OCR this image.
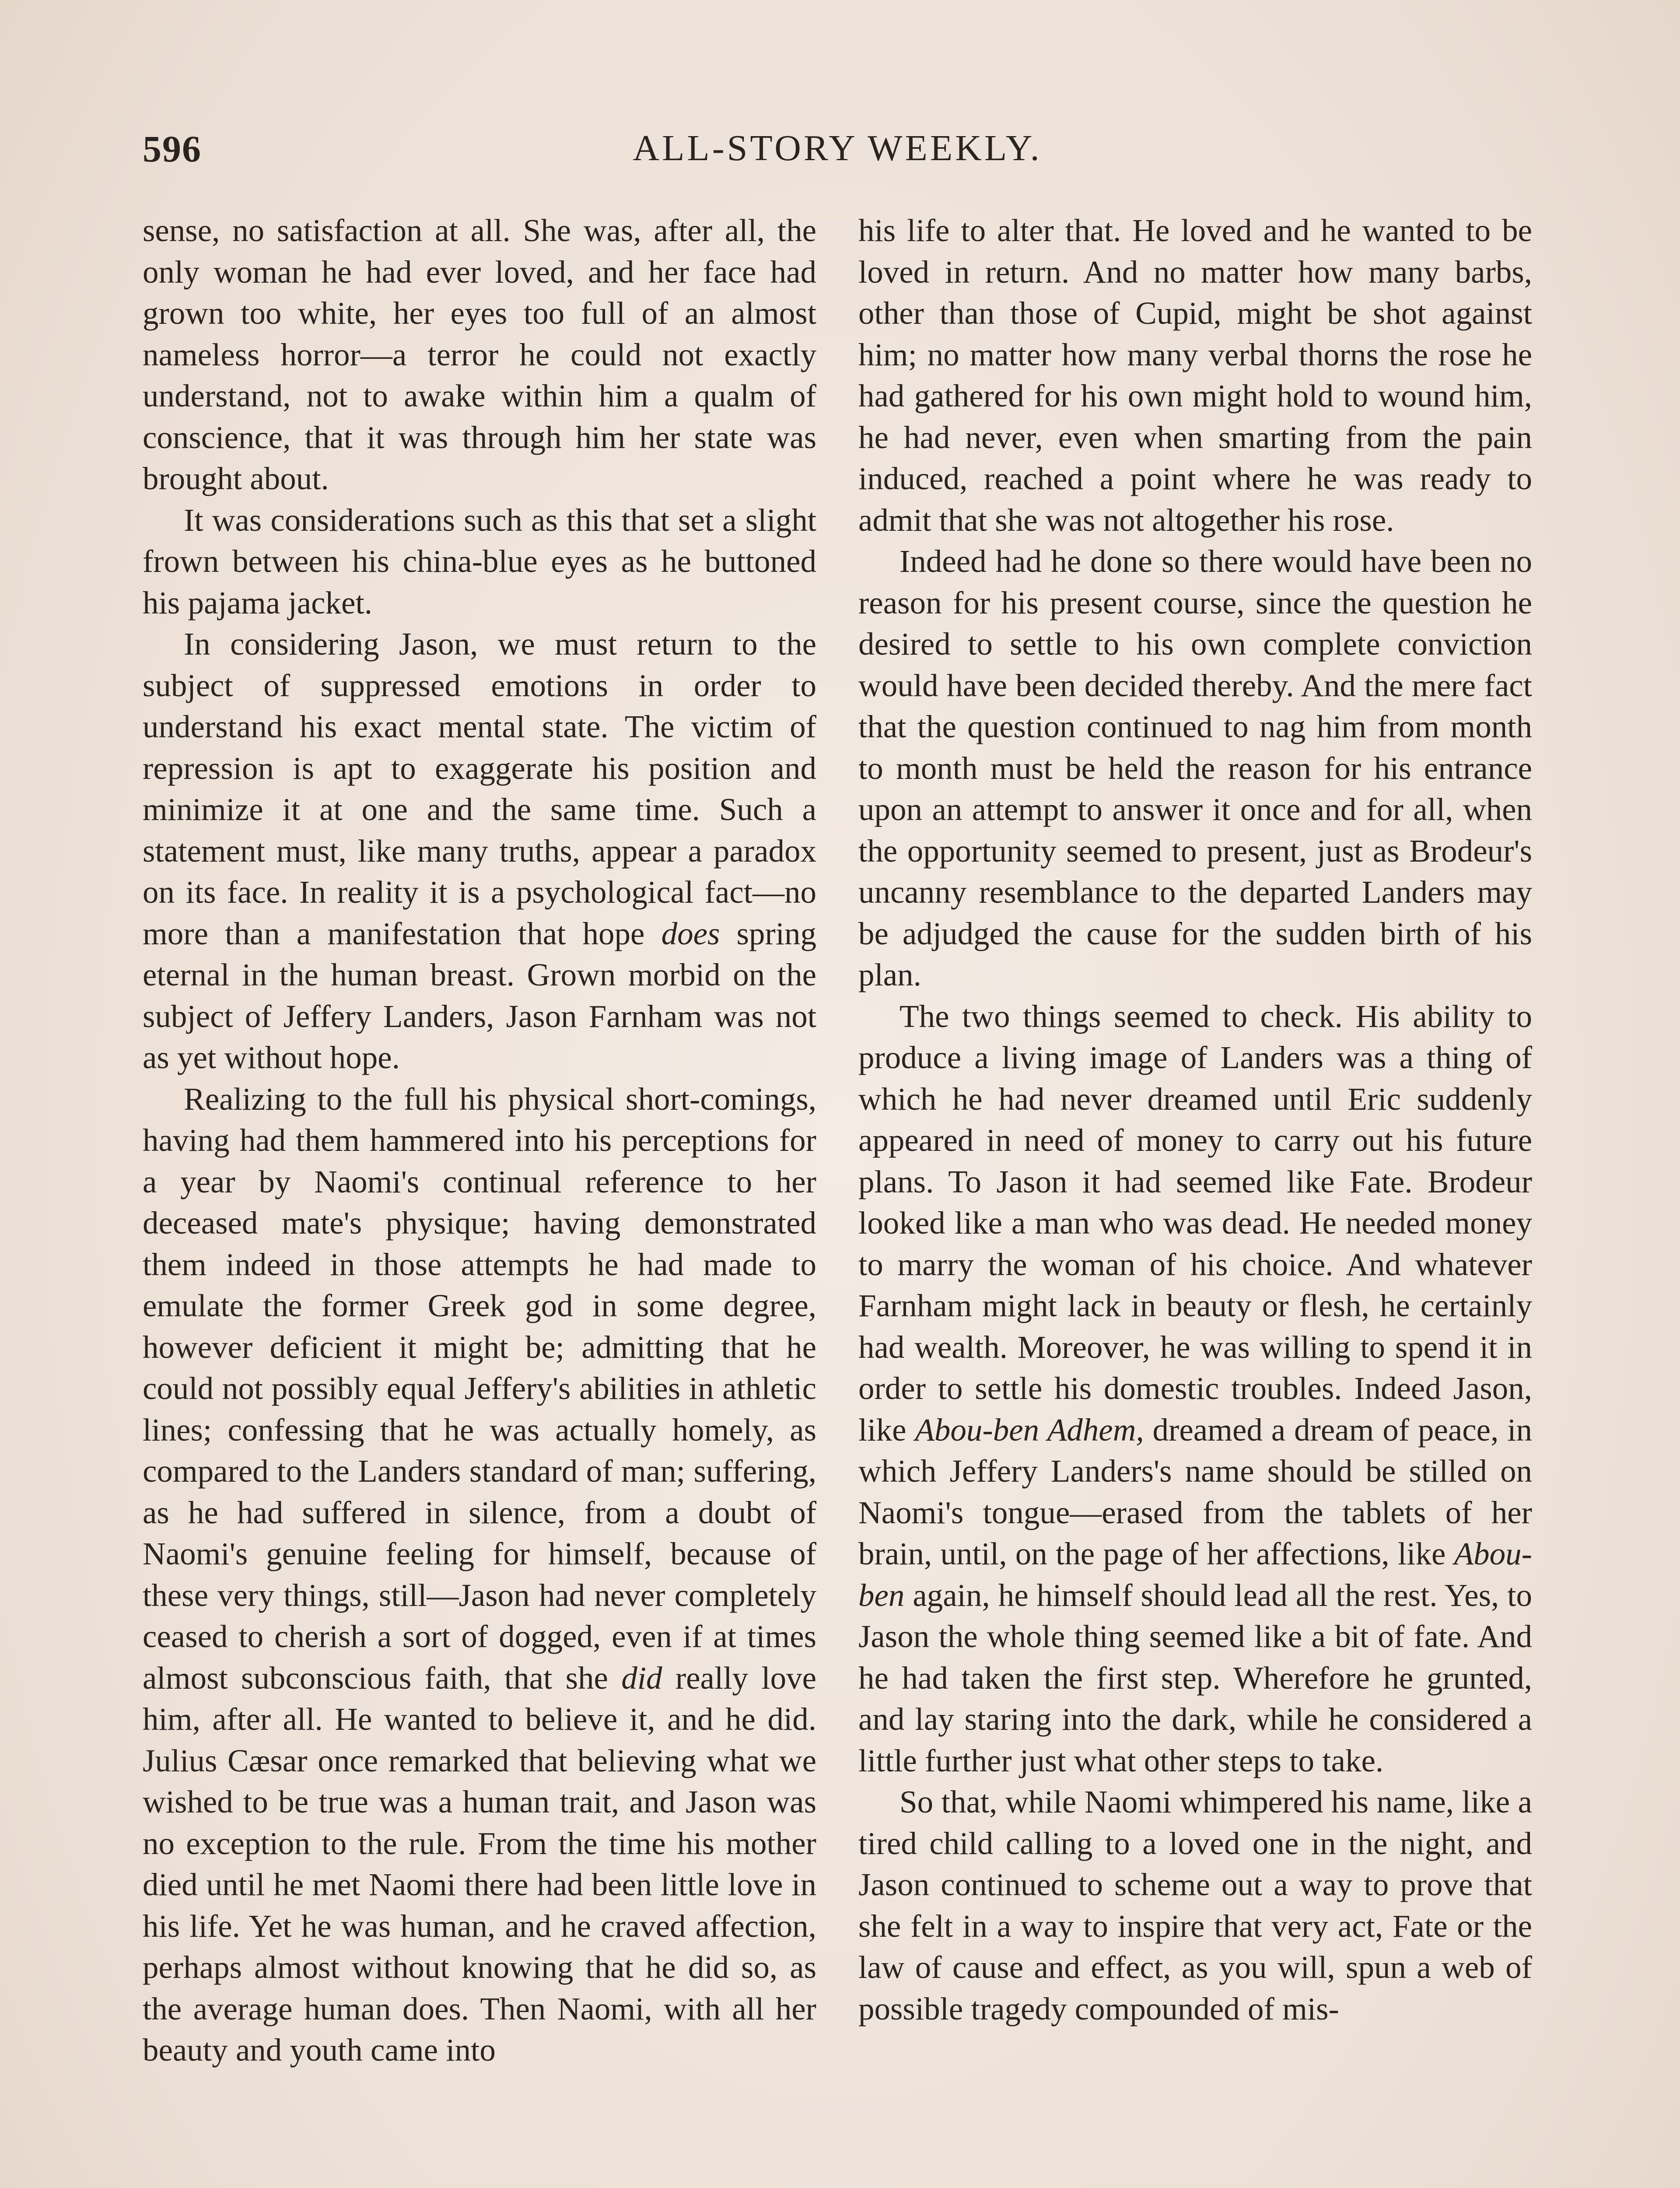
596	ALL-STORY WEEKLY.

sense, no satisfaction at all. She was, after all, the only woman he had ever loved, and her face had grown too white, her eyes too full of an almost nameless horror—a terror he could not exactly understand, not to awake within him a qualm of conscience, that it was through him her state was brought about.

It was considerations such as this that set a slight frown between his china-blue eyes as he buttoned his pajama jacket.

In considering Jason, we must return to the subject of suppressed emotions in order to understand his exact mental state. The victim of repression is apt to exaggerate his position and minimize it at one and the same time. Such a statement must, like many truths, appear a paradox on its face. In reality it is a psychological fact—no more than a manifestation that hope does spring eternal in the human breast. Grown morbid on the subject of Jeffery Landers, Jason Farnham was not as yet without hope.

Realizing to the full his physical short-comings, having had them hammered into his perceptions for a year by Naomi's continual reference to her deceased mate's physique; having demonstrated them indeed in those attempts he had made to emulate the former Greek god in some degree, however deficient it might be; admitting that he could not possibly equal Jeffery's abilities in athletic lines; confessing that he was actually homely, as compared to the Landers standard of man; suffering, as he had suffered in silence, from a doubt of Naomi's genuine feeling for himself, because of these very things, still—Jason had never completely ceased to cherish a sort of dogged, even if at times almost subconscious faith, that she did really love him, after all. He wanted to believe it, and he did. Julius Cæsar once remarked that believing what we wished to be true was a human trait, and Jason was no exception to the rule. From the time his mother died until he met Naomi there had been little love in his life. Yet he was human, and he craved affection, perhaps almost without knowing that he did so, as the average human does. Then Naomi, with all her beauty and youth came into

his life to alter that. He loved and he wanted to be loved in return. And no matter how many barbs, other than those of Cupid, might be shot against him; no matter how many verbal thorns the rose he had gathered for his own might hold to wound him, he had never, even when smarting from the pain induced, reached a point where he was ready to admit that she was not altogether his rose.

Indeed had he done so there would have been no reason for his present course, since the question he desired to settle to his own complete conviction would have been decided thereby. And the mere fact that the question continued to nag him from month to month must be held the reason for his entrance upon an attempt to answer it once and for all, when the opportunity seemed to present, just as Brodeur's uncanny resemblance to the departed Landers may be adjudged the cause for the sudden birth of his plan.

The two things seemed to check. His ability to produce a living image of Landers was a thing of which he had never dreamed until Eric suddenly appeared in need of money to carry out his future plans. To Jason it had seemed like Fate. Brodeur looked like a man who was dead. He needed money to marry the woman of his choice. And whatever Farnham might lack in beauty or flesh, he certainly had wealth. Moreover, he was willing to spend it in order to settle his domestic troubles. Indeed Jason, like Abou-ben Adhem, dreamed a dream of peace, in which Jeffery Landers's name should be stilled on Naomi's tongue—erased from the tablets of her brain, until, on the page of her affections, like Abou-ben again, he himself should lead all the rest. Yes, to Jason the whole thing seemed like a bit of fate. And he had taken the first step. Wherefore he grunted, and lay staring into the dark, while he considered a little further just what other steps to take.

So that, while Naomi whimpered his name, like a tired child calling to a loved one in the night, and Jason continued to scheme out a way to prove that she felt in a way to inspire that very act, Fate or the law of cause and effect, as you will, spun a web of possible tragedy compounded of mis-
